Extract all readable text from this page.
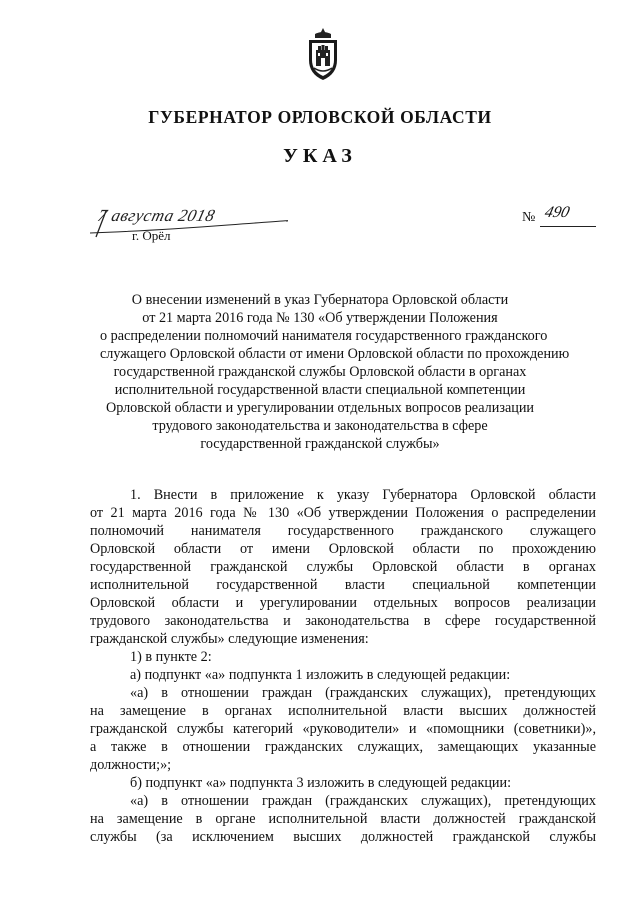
ГУБЕРНАТОР ОРЛОВСКОЙ ОБЛАСТИ
УКАЗ
7 августа 2018
г. Орёл
№ 490
О внесении изменений в указ Губернатора Орловской области
от 21 марта 2016 года № 130 «Об утверждении Положения
о распределении полномочий нанимателя государственного гражданского
служащего Орловской области от имени Орловской области по прохождению
государственной гражданской службы Орловской области в органах
исполнительной государственной власти специальной компетенции
Орловской области и урегулировании отдельных вопросов реализации
трудового законодательства и законодательства в сфере
государственной гражданской службы»
1. Внести в приложение к указу Губернатора Орловской области
от 21 марта 2016 года № 130 «Об утверждении Положения о распределении
полномочий нанимателя государственного гражданского служащего
Орловской области от имени Орловской области по прохождению
государственной гражданской службы Орловской области в органах
исполнительной государственной власти специальной компетенции
Орловской области и урегулировании отдельных вопросов реализации
трудового законодательства и законодательства в сфере государственной
гражданской службы» следующие изменения:
1) в пункте 2:
а) подпункт «а» подпункта 1 изложить в следующей редакции:
«а) в отношении граждан (гражданских служащих), претендующих
на замещение в органах исполнительной власти высших должностей
гражданской службы категорий «руководители» и «помощники (советники)»,
а также в отношении гражданских служащих, замещающих указанные
должности;»;
б) подпункт «а» подпункта 3 изложить в следующей редакции:
«а) в отношении граждан (гражданских служащих), претендующих
на замещение в органе исполнительной власти должностей гражданской
службы (за исключением высших должностей гражданской службы
